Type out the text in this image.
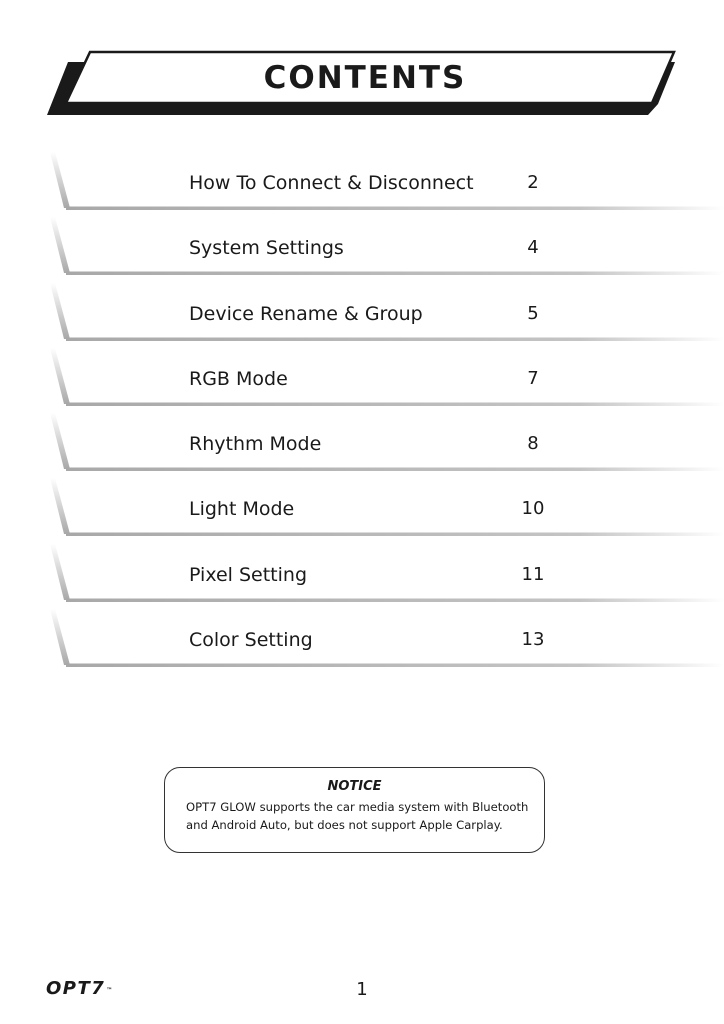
CONTENTS
How To Connect & Disconnect	2
System Settings	4
Device Rename & Group	5
RGB Mode	7
Rhythm Mode	8
Light Mode	10
Pixel Setting	11
Color Setting	13
NOTICE
OPT7 GLOW supports the car media system with Bluetooth and Android Auto, but does not support Apple Carplay.
OPT7™	1
